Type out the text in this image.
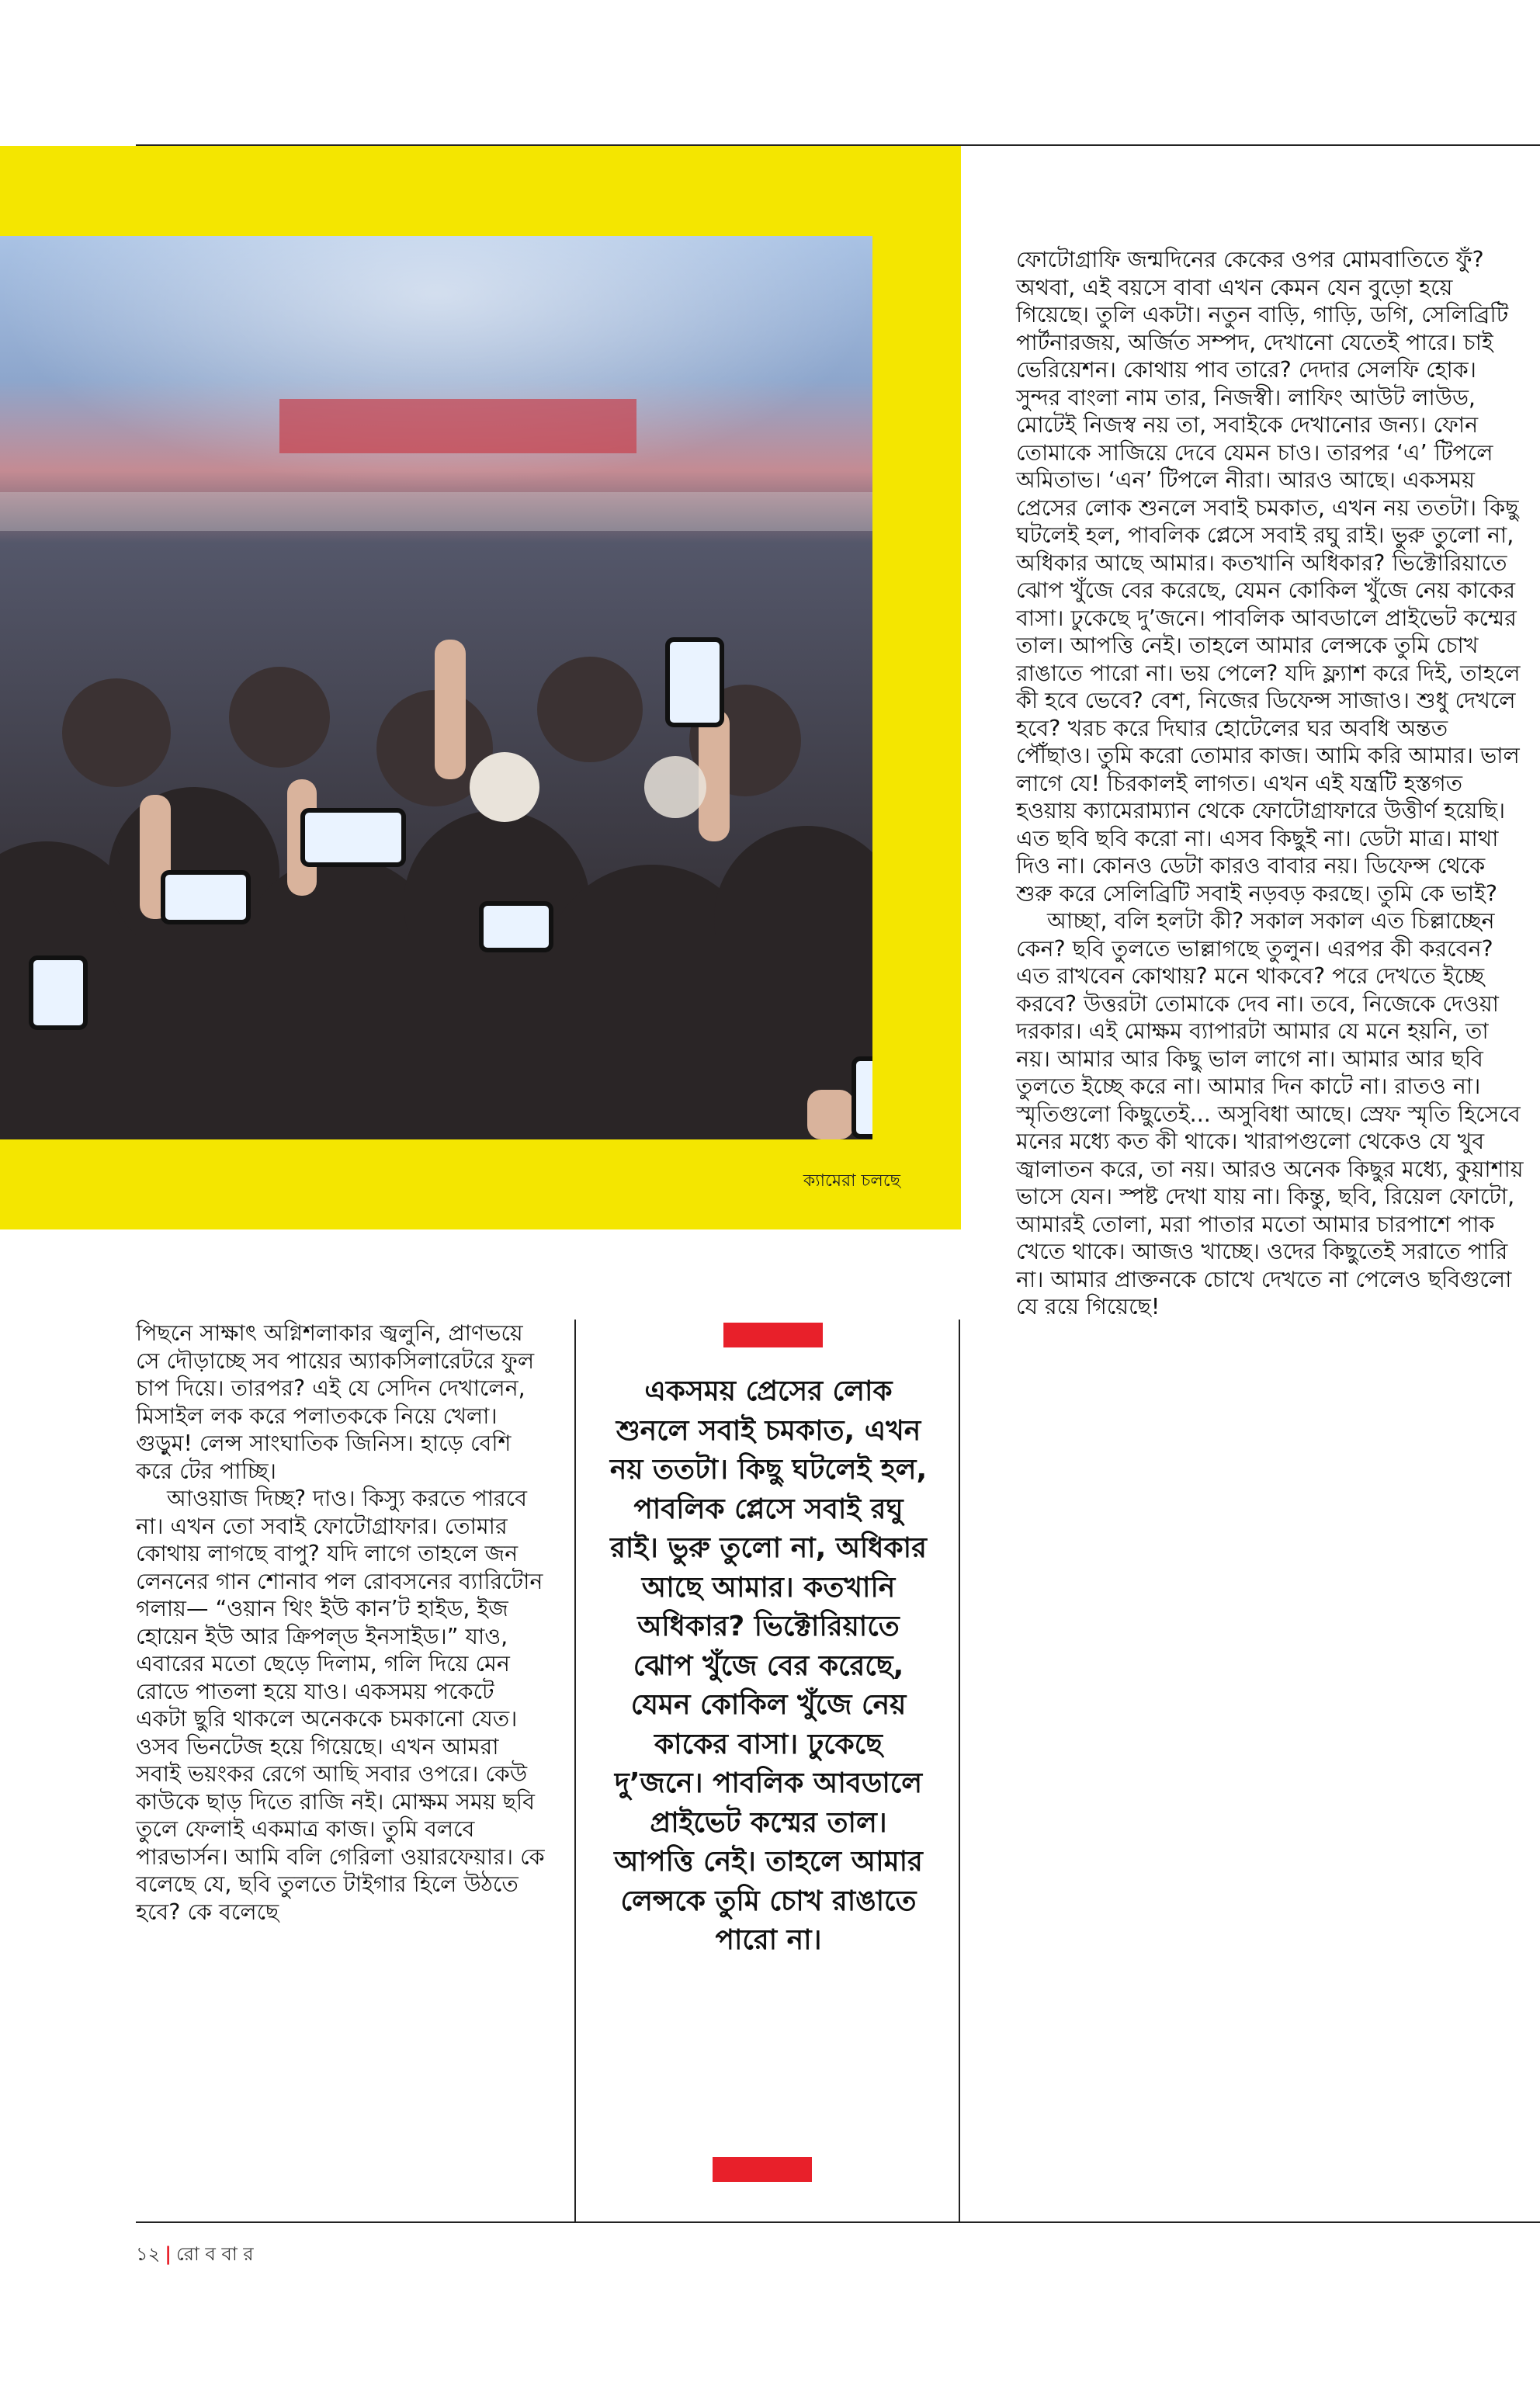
ক্যামেরা চলছে

ফোটোগ্রাফি জন্মদিনের কেকের ওপর মোমবাতিতে ফুঁ? অথবা, এই বয়সে বাবা এখন কেমন যেন বুড়ো হয়ে গিয়েছে। তুলি একটা। নতুন বাড়ি, গাড়ি, ডগি, সেলিব্রিটি পার্টনারজয়, অর্জিত সম্পদ, দেখানো যেতেই পারে। চাই ভেরিয়েশন। কোথায় পাব তারে? দেদার সেলফি হোক। সুন্দর বাংলা নাম তার, নিজস্বী। লাফিং আউট লাউড, মোটেই নিজস্ব নয় তা, সবাইকে দেখানোর জন্য। ফোন তোমাকে সাজিয়ে দেবে যেমন চাও। তারপর ‘এ’ টিপলে অমিতাভ। ‘এন’ টিপলে নীরা। আরও আছে। একসময় প্রেসের লোক শুনলে সবাই চমকাত, এখন নয় ততটা। কিছু ঘটলেই হল, পাবলিক প্লেসে সবাই রঘু রাই। ভুরু তুলো না, অধিকার আছে আমার। কতখানি অধিকার? ভিক্টোরিয়াতে ঝোপ খুঁজে বের করেছে, যেমন কোকিল খুঁজে নেয় কাকের বাসা। ঢুকেছে দু’জনে। পাবলিক আবডালে প্রাইভেট কম্মের তাল। আপত্তি নেই। তাহলে আমার লেন্সকে তুমি চোখ রাঙাতে পারো না। ভয় পেলে? যদি ফ্ল্যাশ করে দিই, তাহলে কী হবে ভেবে? বেশ, নিজের ডিফেন্স সাজাও। শুধু দেখলে হবে? খরচ করে দিঘার হোটেলের ঘর অবধি অন্তত পৌঁছাও। তুমি করো তোমার কাজ। আমি করি আমার। ভাল লাগে যে! চিরকালই লাগত। এখন এই যন্ত্রটি হস্তগত হওয়ায় ক্যামেরাম্যান থেকে ফোটোগ্রাফারে উত্তীর্ণ হয়েছি। এত ছবি ছবি করো না। এসব কিছুই না। ডেটা মাত্র। মাথা দিও না। কোনও ডেটা কারও বাবার নয়। ডিফেন্স থেকে শুরু করে সেলিব্রিটি সবাই নড়বড় করছে। তুমি কে ভাই?

আচ্ছা, বলি হলটা কী? সকাল সকাল এত চিল্লাচ্ছেন কেন? ছবি তুলতে ভাল্লাগছে তুলুন। এরপর কী করবেন? এত রাখবেন কোথায়? মনে থাকবে? পরে দেখতে ইচ্ছে করবে? উত্তরটা তোমাকে দেব না। তবে, নিজেকে দেওয়া দরকার। এই মোক্ষম ব্যাপারটা আমার যে মনে হয়নি, তা নয়। আমার আর কিছু ভাল লাগে না। আমার আর ছবি তুলতে ইচ্ছে করে না। আমার দিন কাটে না। রাতও না। স্মৃতিগুলো কিছুতেই... অসুবিধা আছে। স্রেফ স্মৃতি হিসেবে মনের মধ্যে কত কী থাকে। খারাপগুলো থেকেও যে খুব জ্বালাতন করে, তা নয়। আরও অনেক কিছুর মধ্যে, কুয়াশায় ভাসে যেন। স্পষ্ট দেখা যায় না। কিন্তু, ছবি, রিয়েল ফোটো, আমারই তোলা, মরা পাতার মতো আমার চারপাশে পাক খেতে থাকে। আজও খাচ্ছে। ওদের কিছুতেই সরাতে পারি না। আমার প্রাক্তনকে চোখে দেখতে না পেলেও ছবিগুলো যে রয়ে গিয়েছে!

পিছনে সাক্ষাৎ অগ্নিশলাকার জ্বলুনি, প্রাণভয়ে সে দৌড়াচ্ছে সব পায়ের অ্যাকসিলারেটরে ফুল চাপ দিয়ে। তারপর? এই যে সেদিন দেখালেন, মিসাইল লক করে পলাতককে নিয়ে খেলা। গুড়ুম! লেন্স সাংঘাতিক জিনিস। হাড়ে বেশি করে টের পাচ্ছি।

আওয়াজ দিচ্ছ? দাও। কিস্যু করতে পারবে না। এখন তো সবাই ফোটোগ্রাফার। তোমার কোথায় লাগছে বাপু? যদি লাগে তাহলে জন লেননের গান শোনাব পল রোবসনের ব্যারিটোন গলায়— “ওয়ান থিং ইউ কান’ট হাইড, ইজ হোয়েন ইউ আর ক্রিপল্‌ড ইনসাইড।” যাও, এবারের মতো ছেড়ে দিলাম, গলি দিয়ে মেন রোডে পাতলা হয়ে যাও। একসময় পকেটে একটা ছুরি থাকলে অনেককে চমকানো যেত। ওসব ভিনটেজ হয়ে গিয়েছে। এখন আমরা সবাই ভয়ংকর রেগে আছি সবার ওপরে। কেউ কাউকে ছাড় দিতে রাজি নই। মোক্ষম সময় ছবি তুলে ফেলাই একমাত্র কাজ। তুমি বলবে পারভার্সন। আমি বলি গেরিলা ওয়ারফেয়ার। কে বলেছে যে, ছবি তুলতে টাইগার হিলে উঠতে হবে? কে বলেছে

একসময় প্রেসের লোক শুনলে সবাই চমকাত, এখন নয় ততটা। কিছু ঘটলেই হল, পাবলিক প্লেসে সবাই রঘু রাই। ভুরু তুলো না, অধিকার আছে আমার। কতখানি অধিকার? ভিক্টোরিয়াতে ঝোপ খুঁজে বের করেছে, যেমন কোকিল খুঁজে নেয় কাকের বাসা। ঢুকেছে দু’জনে। পাবলিক আবডালে প্রাইভেট কম্মের তাল। আপত্তি নেই। তাহলে আমার লেন্সকে তুমি চোখ রাঙাতে পারো না।
১২ | রো ব বা র
